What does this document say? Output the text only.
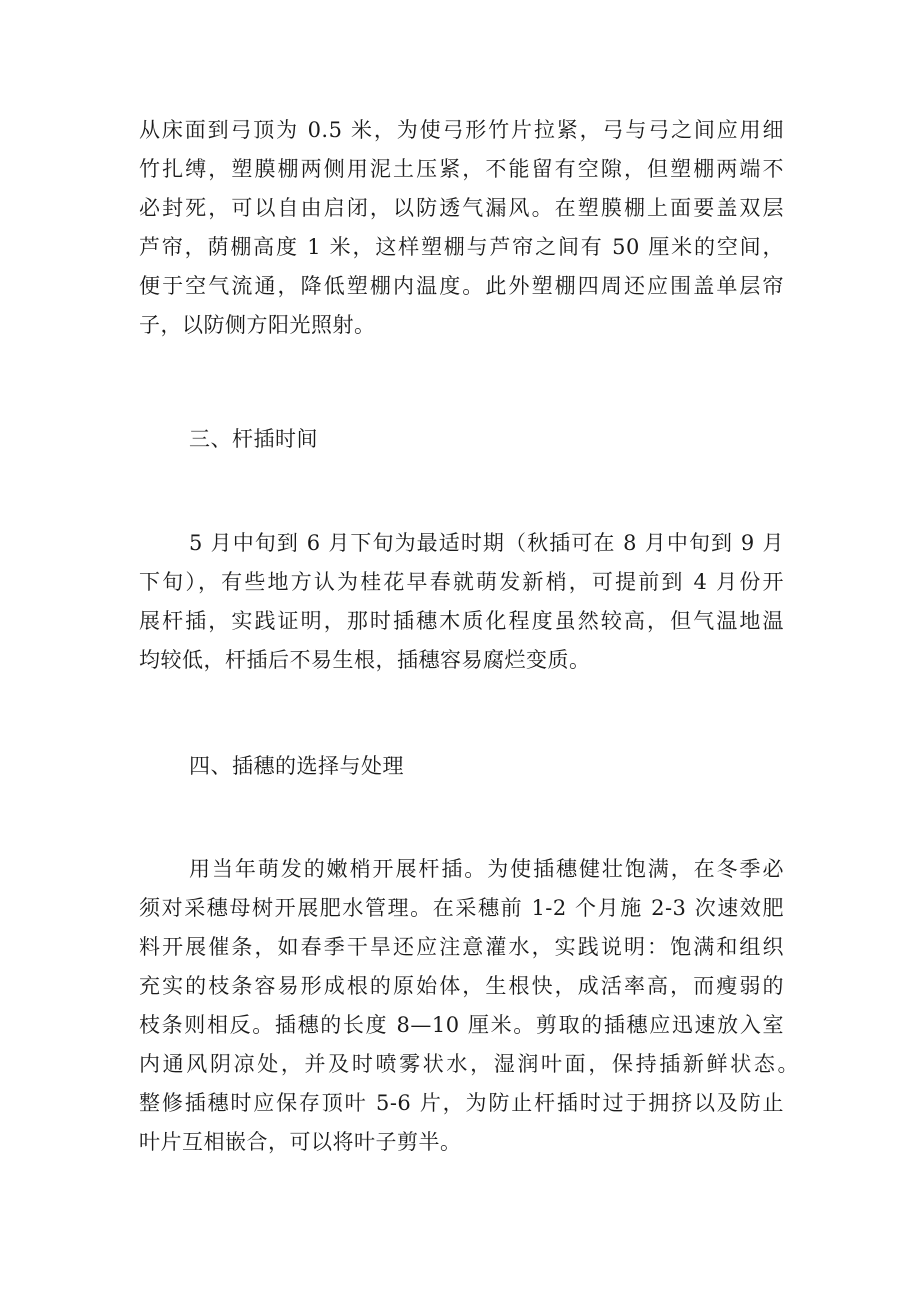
从床面到弓顶为 0.5 米，为使弓形竹片拉紧，弓与弓之间应用细
竹扎缚，塑膜棚两侧用泥土压紧，不能留有空隙，但塑棚两端不
必封死，可以自由启闭，以防透气漏风。在塑膜棚上面要盖双层
芦帘，荫棚高度 1 米，这样塑棚与芦帘之间有 50 厘米的空间，
便于空气流通，降低塑棚内温度。此外塑棚四周还应围盖单层帘
子，以防侧方阳光照射。
三、杆插时间
5 月中旬到 6 月下旬为最适时期（秋插可在 8 月中旬到 9 月
下旬），有些地方认为桂花早春就萌发新梢，可提前到 4 月份开
展杆插，实践证明，那时插穗木质化程度虽然较高，但气温地温
均较低，杆插后不易生根，插穗容易腐烂变质。
四、插穗的选择与处理
用当年萌发的嫩梢开展杆插。为使插穗健壮饱满，在冬季必
须对采穗母树开展肥水管理。在采穗前 1-2 个月施 2-3 次速效肥
料开展催条，如春季干旱还应注意灌水，实践说明：饱满和组织
充实的枝条容易形成根的原始体，生根快，成活率高，而瘦弱的
枝条则相反。插穗的长度 8—10 厘米。剪取的插穗应迅速放入室
内通风阴凉处，并及时喷雾状水，湿润叶面，保持插新鲜状态。
整修插穗时应保存顶叶 5-6 片，为防止杆插时过于拥挤以及防止
叶片互相嵌合，可以将叶子剪半。
